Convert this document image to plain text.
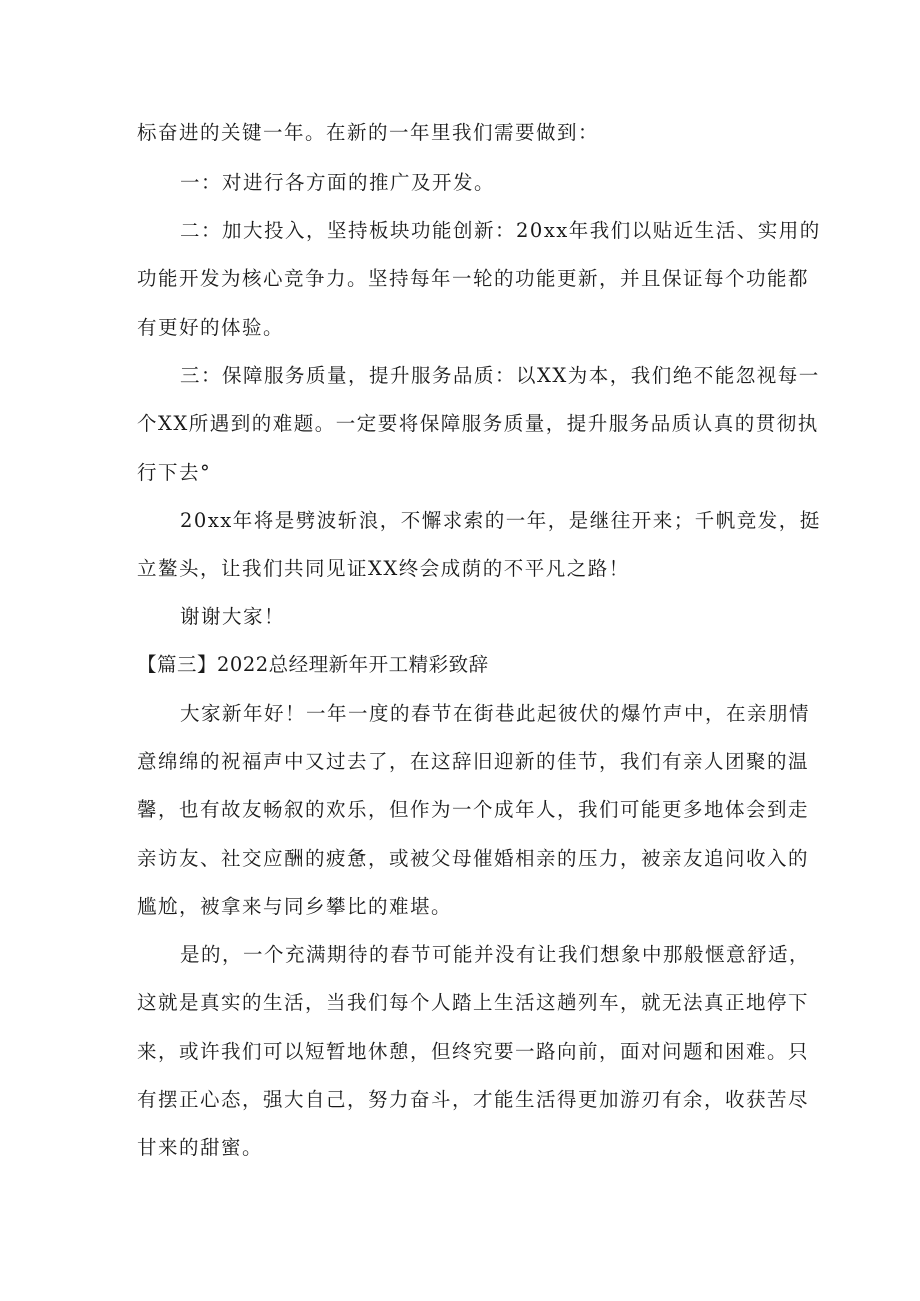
标奋进的关键一年。在新的一年里我们需要做到：

一：对进行各方面的推广及开发。

二：加大投入，坚持板块功能创新：20xx年我们以贴近生活、实用的

功能开发为核心竞争力。坚持每年一轮的功能更新，并且保证每个功能都

有更好的体验。

三：保障服务质量，提升服务品质：以XX为本，我们绝不能忽视每一

个XX所遇到的难题。一定要将保障服务质量，提升服务品质认真的贯彻执

行下去°

20xx年将是劈波斩浪，不懈求索的一年，是继往开来；千帆竞发，挺

立鳌头，让我们共同见证XX终会成荫的不平凡之路！

谢谢大家！

【篇三】2022总经理新年开工精彩致辞

大家新年好！一年一度的春节在街巷此起彼伏的爆竹声中，在亲朋情

意绵绵的祝福声中又过去了，在这辞旧迎新的佳节，我们有亲人团聚的温

馨，也有故友畅叙的欢乐，但作为一个成年人，我们可能更多地体会到走

亲访友、社交应酬的疲惫，或被父母催婚相亲的压力，被亲友追问收入的

尴尬，被拿来与同乡攀比的难堪。

是的，一个充满期待的春节可能并没有让我们想象中那般惬意舒适，

这就是真实的生活，当我们每个人踏上生活这趟列车，就无法真正地停下

来，或许我们可以短暂地休憩，但终究要一路向前，面对问题和困难。只

有摆正心态，强大自己，努力奋斗，才能生活得更加游刃有余，收获苦尽

甘来的甜蜜。
